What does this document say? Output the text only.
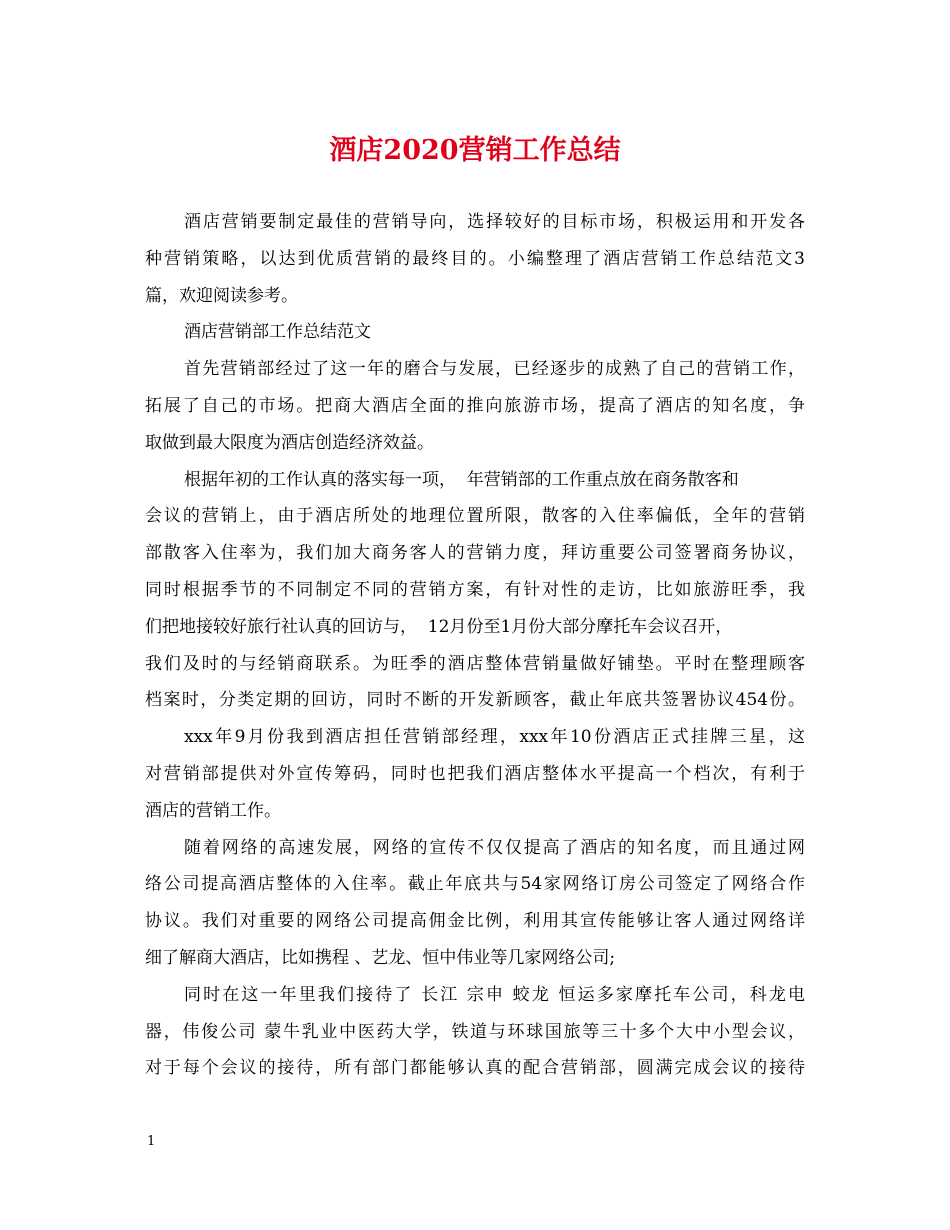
酒店2020营销工作总结

酒店营销要制定最佳的营销导向，选择较好的目标市场，积极运用和开发各

种营销策略，以达到优质营销的最终目的。小编整理了酒店营销工作总结范文3

篇，欢迎阅读参考。

酒店营销部工作总结范文

首先营销部经过了这一年的磨合与发展，已经逐步的成熟了自己的营销工作，

拓展了自己的市场。把商大酒店全面的推向旅游市场，提高了酒店的知名度，争

取做到最大限度为酒店创造经济效益。

根据年初的工作认真的落实每一项，  年营销部的工作重点放在商务散客和

会议的营销上，由于酒店所处的地理位置所限，散客的入住率偏低，全年的营销

部散客入住率为，我们加大商务客人的营销力度，拜访重要公司签署商务协议，

同时根据季节的不同制定不同的营销方案，有针对性的走访，比如旅游旺季，我

们把地接较好旅行社认真的回访与，  12月份至1月份大部分摩托车会议召开，

我们及时的与经销商联系。为旺季的酒店整体营销量做好铺垫。平时在整理顾客

档案时，分类定期的回访，同时不断的开发新顾客，截止年底共签署协议454份。

xxx年9月份我到酒店担任营销部经理，xxx年10份酒店正式挂牌三星，这

对营销部提供对外宣传筹码，同时也把我们酒店整体水平提高一个档次，有利于

酒店的营销工作。

随着网络的高速发展，网络的宣传不仅仅提高了酒店的知名度，而且通过网

络公司提高酒店整体的入住率。截止年底共与54家网络订房公司签定了网络合作

协议。我们对重要的网络公司提高佣金比例，利用其宣传能够让客人通过网络详

细了解商大酒店，比如携程 、艺龙、恒中伟业等几家网络公司;

同时在这一年里我们接待了 长江 宗申 蛟龙 恒运多家摩托车公司，科龙电

器，伟俊公司 蒙牛乳业中医药大学，铁道与环球国旅等三十多个大中小型会议，

对于每个会议的接待，所有部门都能够认真的配合营销部，圆满完成会议的接待

1
